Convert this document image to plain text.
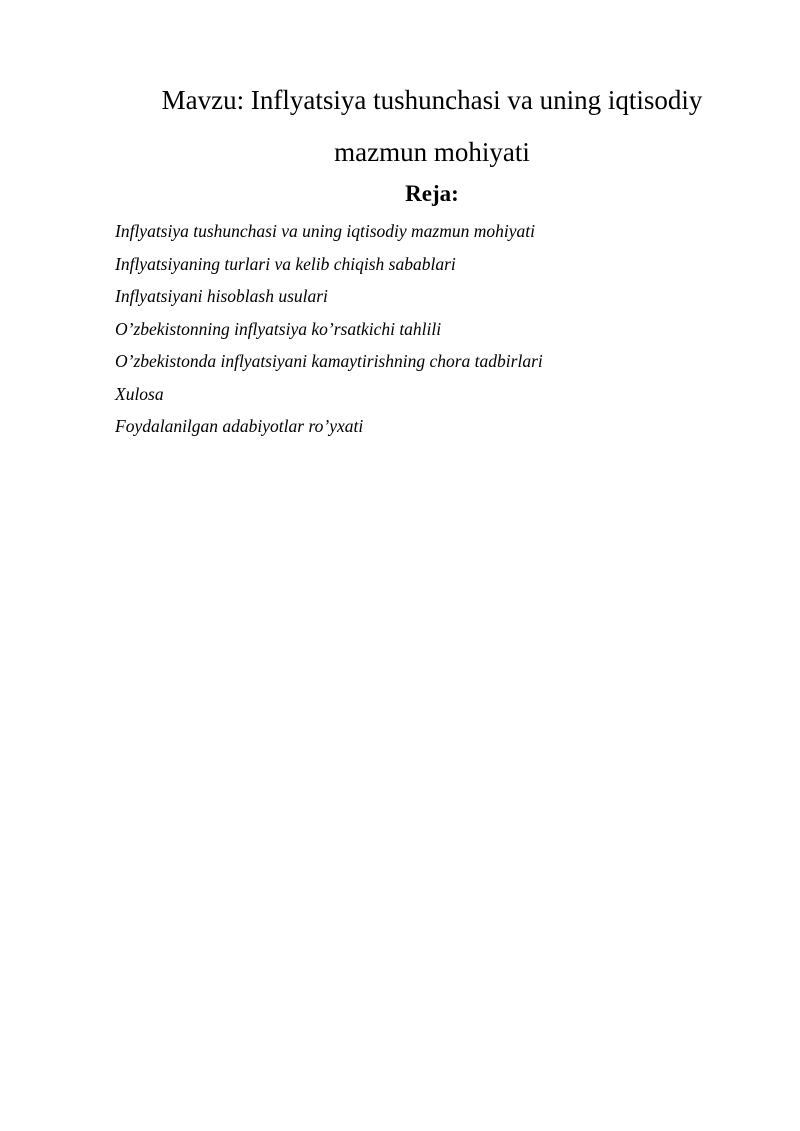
Mavzu: Inflyatsiya tushunchasi va uning iqtisodiy mazmun mohiyati
Reja:
Inflyatsiya tushunchasi va uning iqtisodiy mazmun mohiyati
Inflyatsiyaning turlari va kelib chiqish sabablari
Inflyatsiyani hisoblash usulari
O’zbekistonning inflyatsiya ko’rsatkichi tahlili
O’zbekistonda inflyatsiyani kamaytirishning chora tadbirlari
Xulosa
Foydalanilgan adabiyotlar ro’yxati
